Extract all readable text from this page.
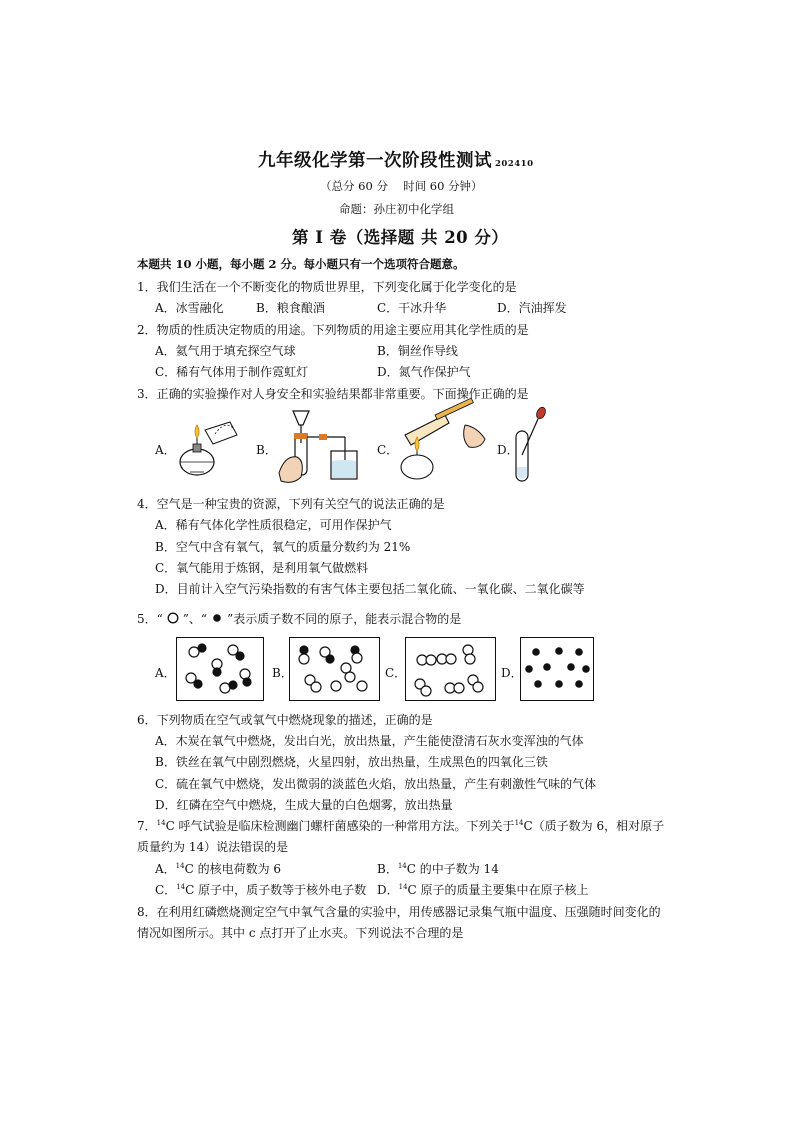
九年级化学第一次阶段性测试 202410
（总分 60 分　 时间 60 分钟）
命题：孙庄初中化学组
第 I 卷（选择题 共 20 分）
本题共 10 小题，每小题 2 分。每小题只有一个选项符合题意。
1．我们生活在一个不断变化的物质世界里，下列变化属于化学变化的是
A．冰雪融化	B．粮食酿酒	C．干冰升华	D．汽油挥发
2．物质的性质决定物质的用途。下列物质的用途主要应用其化学性质的是
A．氦气用于填充探空气球	B．铜丝作导线
C．稀有气体用于制作霓虹灯	D．氮气作保护气
3．正确的实验操作对人身安全和实验结果都非常重要。下面操作正确的是
A．	B．	C．	D．
4．空气是一种宝贵的资源，下列有关空气的说法正确的是
A．稀有气体化学性质很稳定，可用作保护气
B．空气中含有氧气，氧气的质量分数约为 21%
C．氧气能用于炼钢，是利用氧气做燃料
D．目前计入空气污染指数的有害气体主要包括二氧化硫、一氧化碳、二氧化碳等
5．“ ”、“ ”表示质子数不同的原子，能表示混合物的是
A．	B．	C．	D．
6．下列物质在空气或氧气中燃烧现象的描述，正确的是
A．木炭在氧气中燃烧，发出白光，放出热量，产生能使澄清石灰水变浑浊的气体
B．铁丝在氧气中剧烈燃烧，火星四射，放出热量，生成黑色的四氧化三铁
C．硫在氧气中燃烧，发出微弱的淡蓝色火焰，放出热量，产生有刺激性气味的气体
D．红磷在空气中燃烧，生成大量的白色烟雾，放出热量
7．$^{14}$C 呼气试验是临床检测幽门螺杆菌感染的一种常用方法。下列关于$^{14}$C（质子数为 6，相对原子
质量约为 14）说法错误的是
A．$^{14}$C 的核电荷数为 6	B．$^{14}$C 的中子数为 14
C．$^{14}$C 原子中，质子数等于核外电子数 D．$^{14}$C 原子的质量主要集中在原子核上
8．在利用红磷燃烧测定空气中氧气含量的实验中，用传感器记录集气瓶中温度、压强随时间变化的
情况如图所示。其中 c 点打开了止水夹。下列说法不合理的是
